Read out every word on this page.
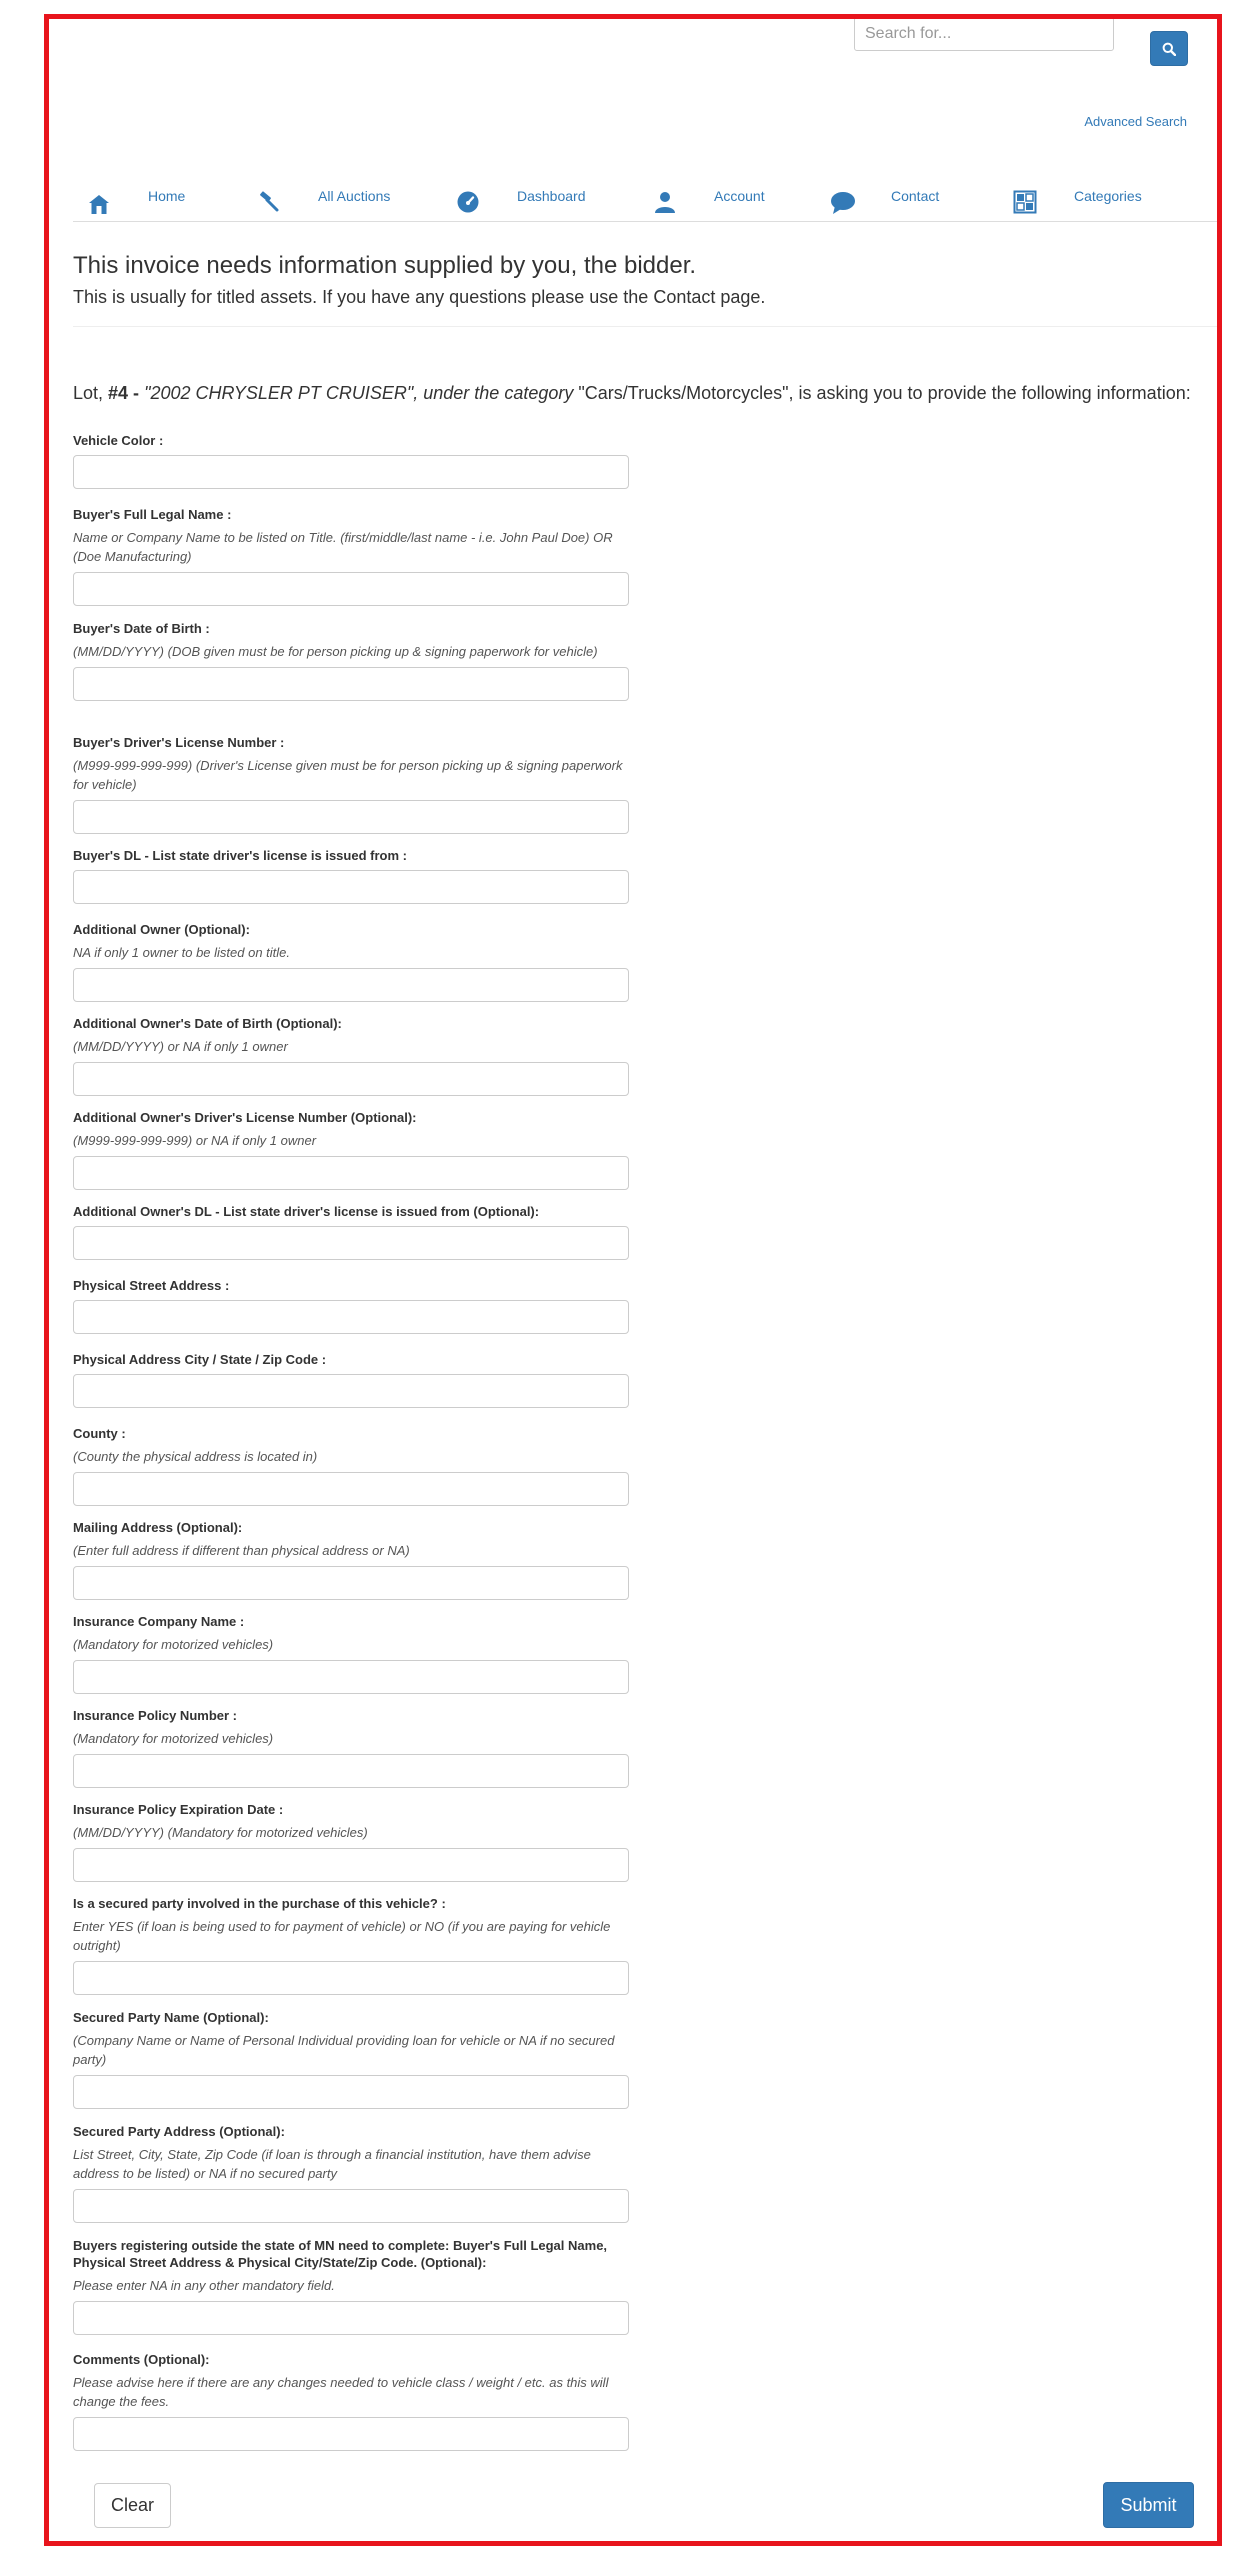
Search for...
Advanced Search
Home	All Auctions	Dashboard	Account	Contact	Categories
This invoice needs information supplied by you, the bidder.

This is usually for titled assets. If you have any questions please use the Contact page.

Lot, #4 - "2002 CHRYSLER PT CRUISER", under the category "Cars/Trucks/Motorcycles", is asking you to provide the following information:

Vehicle Color :
Buyer's Full Legal Name :
Name or Company Name to be listed on Title. (first/middle/last name - i.e. John Paul Doe) OR (Doe Manufacturing)
Buyer's Date of Birth :
(MM/DD/YYYY) (DOB given must be for person picking up & signing paperwork for vehicle)
Buyer's Driver's License Number :
(M999-999-999-999) (Driver's License given must be for person picking up & signing paperwork for vehicle)
Buyer's DL - List state driver's license is issued from :
Additional Owner (Optional):
NA if only 1 owner to be listed on title.
Additional Owner's Date of Birth (Optional):
(MM/DD/YYYY) or NA if only 1 owner
Additional Owner's Driver's License Number (Optional):
(M999-999-999-999) or NA if only 1 owner
Additional Owner's DL - List state driver's license is issued from (Optional):
Physical Street Address :
Physical Address City / State / Zip Code :
County :
(County the physical address is located in)
Mailing Address (Optional):
(Enter full address if different than physical address or NA)
Insurance Company Name :
(Mandatory for motorized vehicles)
Insurance Policy Number :
(Mandatory for motorized vehicles)
Insurance Policy Expiration Date :
(MM/DD/YYYY) (Mandatory for motorized vehicles)
Is a secured party involved in the purchase of this vehicle? :
Enter YES (if loan is being used to for payment of vehicle) or NO (if you are paying for vehicle outright)
Secured Party Name (Optional):
(Company Name or Name of Personal Individual providing loan for vehicle or NA if no secured party)
Secured Party Address (Optional):
List Street, City, State, Zip Code (if loan is through a financial institution, have them advise address to be listed) or NA if no secured party
Buyers registering outside the state of MN need to complete: Buyer's Full Legal Name, Physical Street Address & Physical City/State/Zip Code. (Optional):
Please enter NA in any other mandatory field.
Comments (Optional):
Please advise here if there are any changes needed to vehicle class / weight / etc. as this will change the fees.
Clear	Submit
